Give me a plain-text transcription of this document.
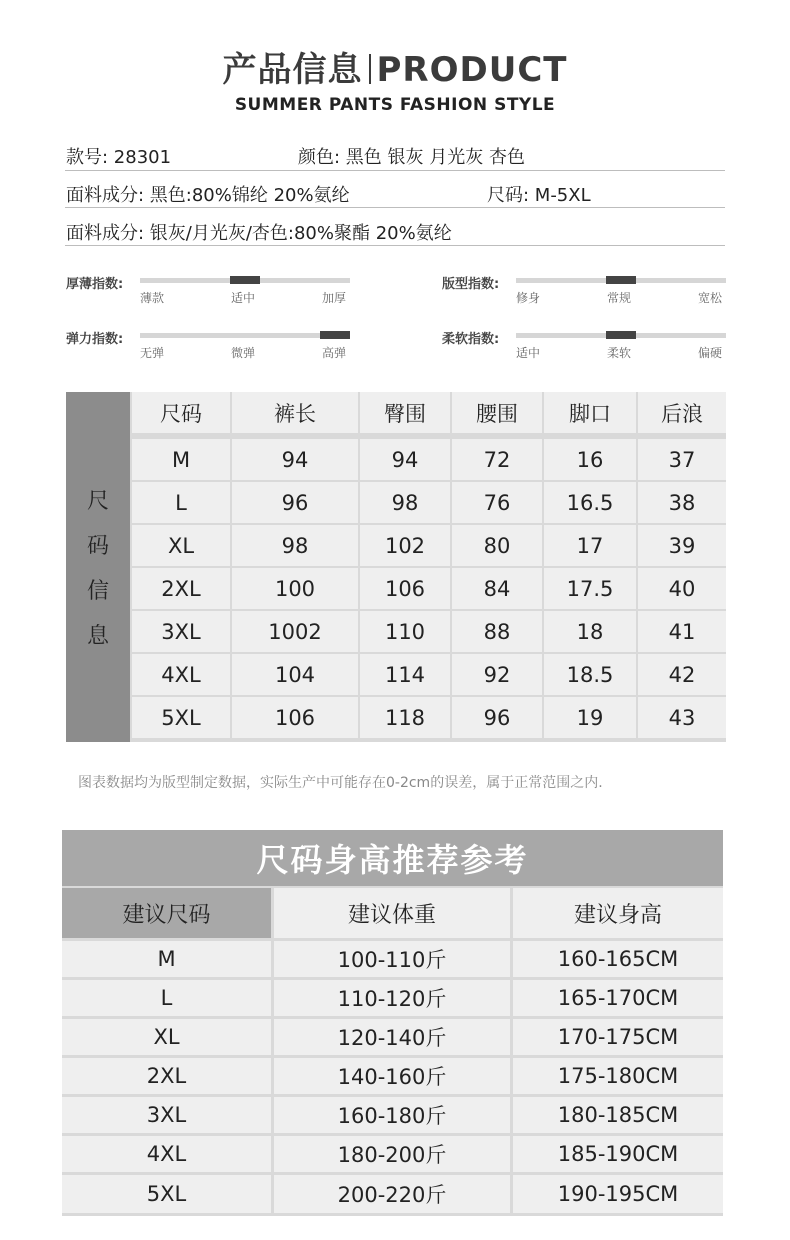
产品信息 PRODUCT
SUMMER PANTS FASHION STYLE
款号: 28301	颜色: 黑色 银灰 月光灰 杏色
面料成分: 黑色:80%锦纶 20%氨纶	尺码: M-5XL
面料成分: 银灰/月光灰/杏色:80%聚酯 20%氨纶
厚薄指数:
薄款	适中	加厚
版型指数:
修身	常规	宽松
弹力指数:
无弹	微弹	高弹
柔软指数:
适中	柔软	偏硬
尺
码
信
息
尺码	裤长	臀围	腰围	脚口	后浪
M	94	94	72	16	37
L	96	98	76	16.5	38
XL	98	102	80	17	39
2XL	100	106	84	17.5	40
3XL	1002	110	88	18	41
4XL	104	114	92	18.5	42
5XL	106	118	96	19	43
图表数据均为版型制定数据，实际生产中可能存在0-2cm的误差，属于正常范围之内.
尺码身高推荐参考
建议尺码	建议体重	建议身高
M	100-110斤	160-165CM
L	110-120斤	165-170CM
XL	120-140斤	170-175CM
2XL	140-160斤	175-180CM
3XL	160-180斤	180-185CM
4XL	180-200斤	185-190CM
5XL	200-220斤	190-195CM
